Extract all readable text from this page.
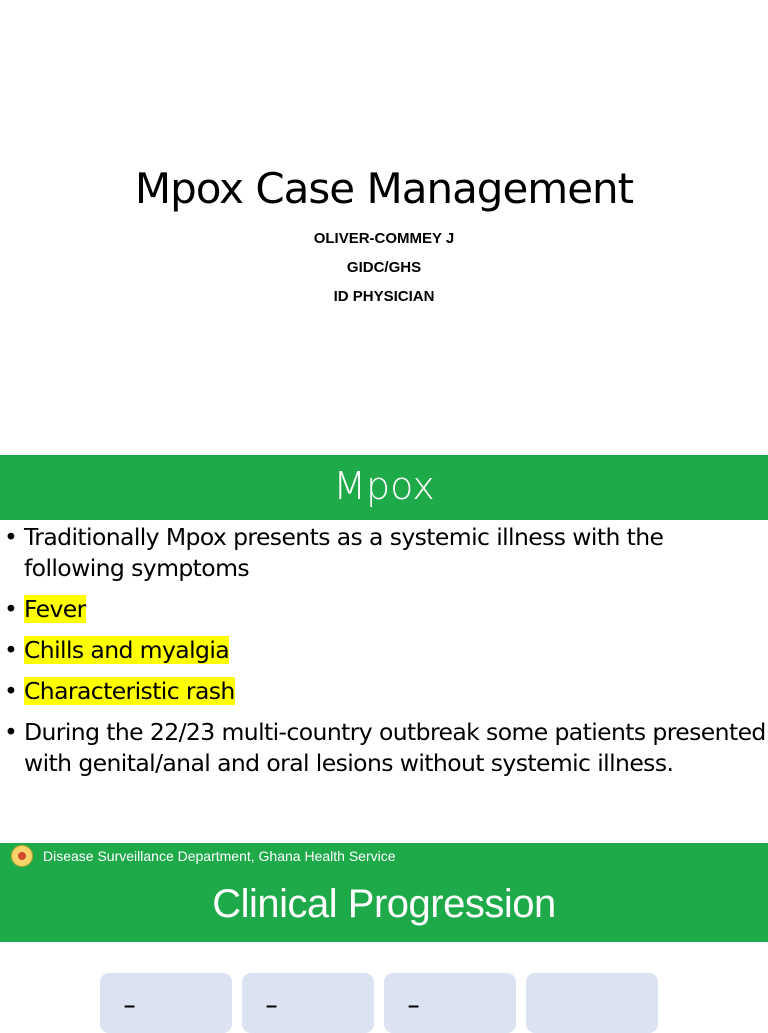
Mpox Case Management
OLIVER-COMMEY J
GIDC/GHS
ID PHYSICIAN
Mpox
• Traditionally Mpox presents as a systemic illness with the following symptoms
• Fever
• Chills and myalgia
• Characteristic rash
• During the 22/23 multi-country outbreak some patients presented with genital/anal and oral lesions without systemic illness.
Disease Surveillance Department, Ghana Health Service
Clinical Progression
–	–	–
